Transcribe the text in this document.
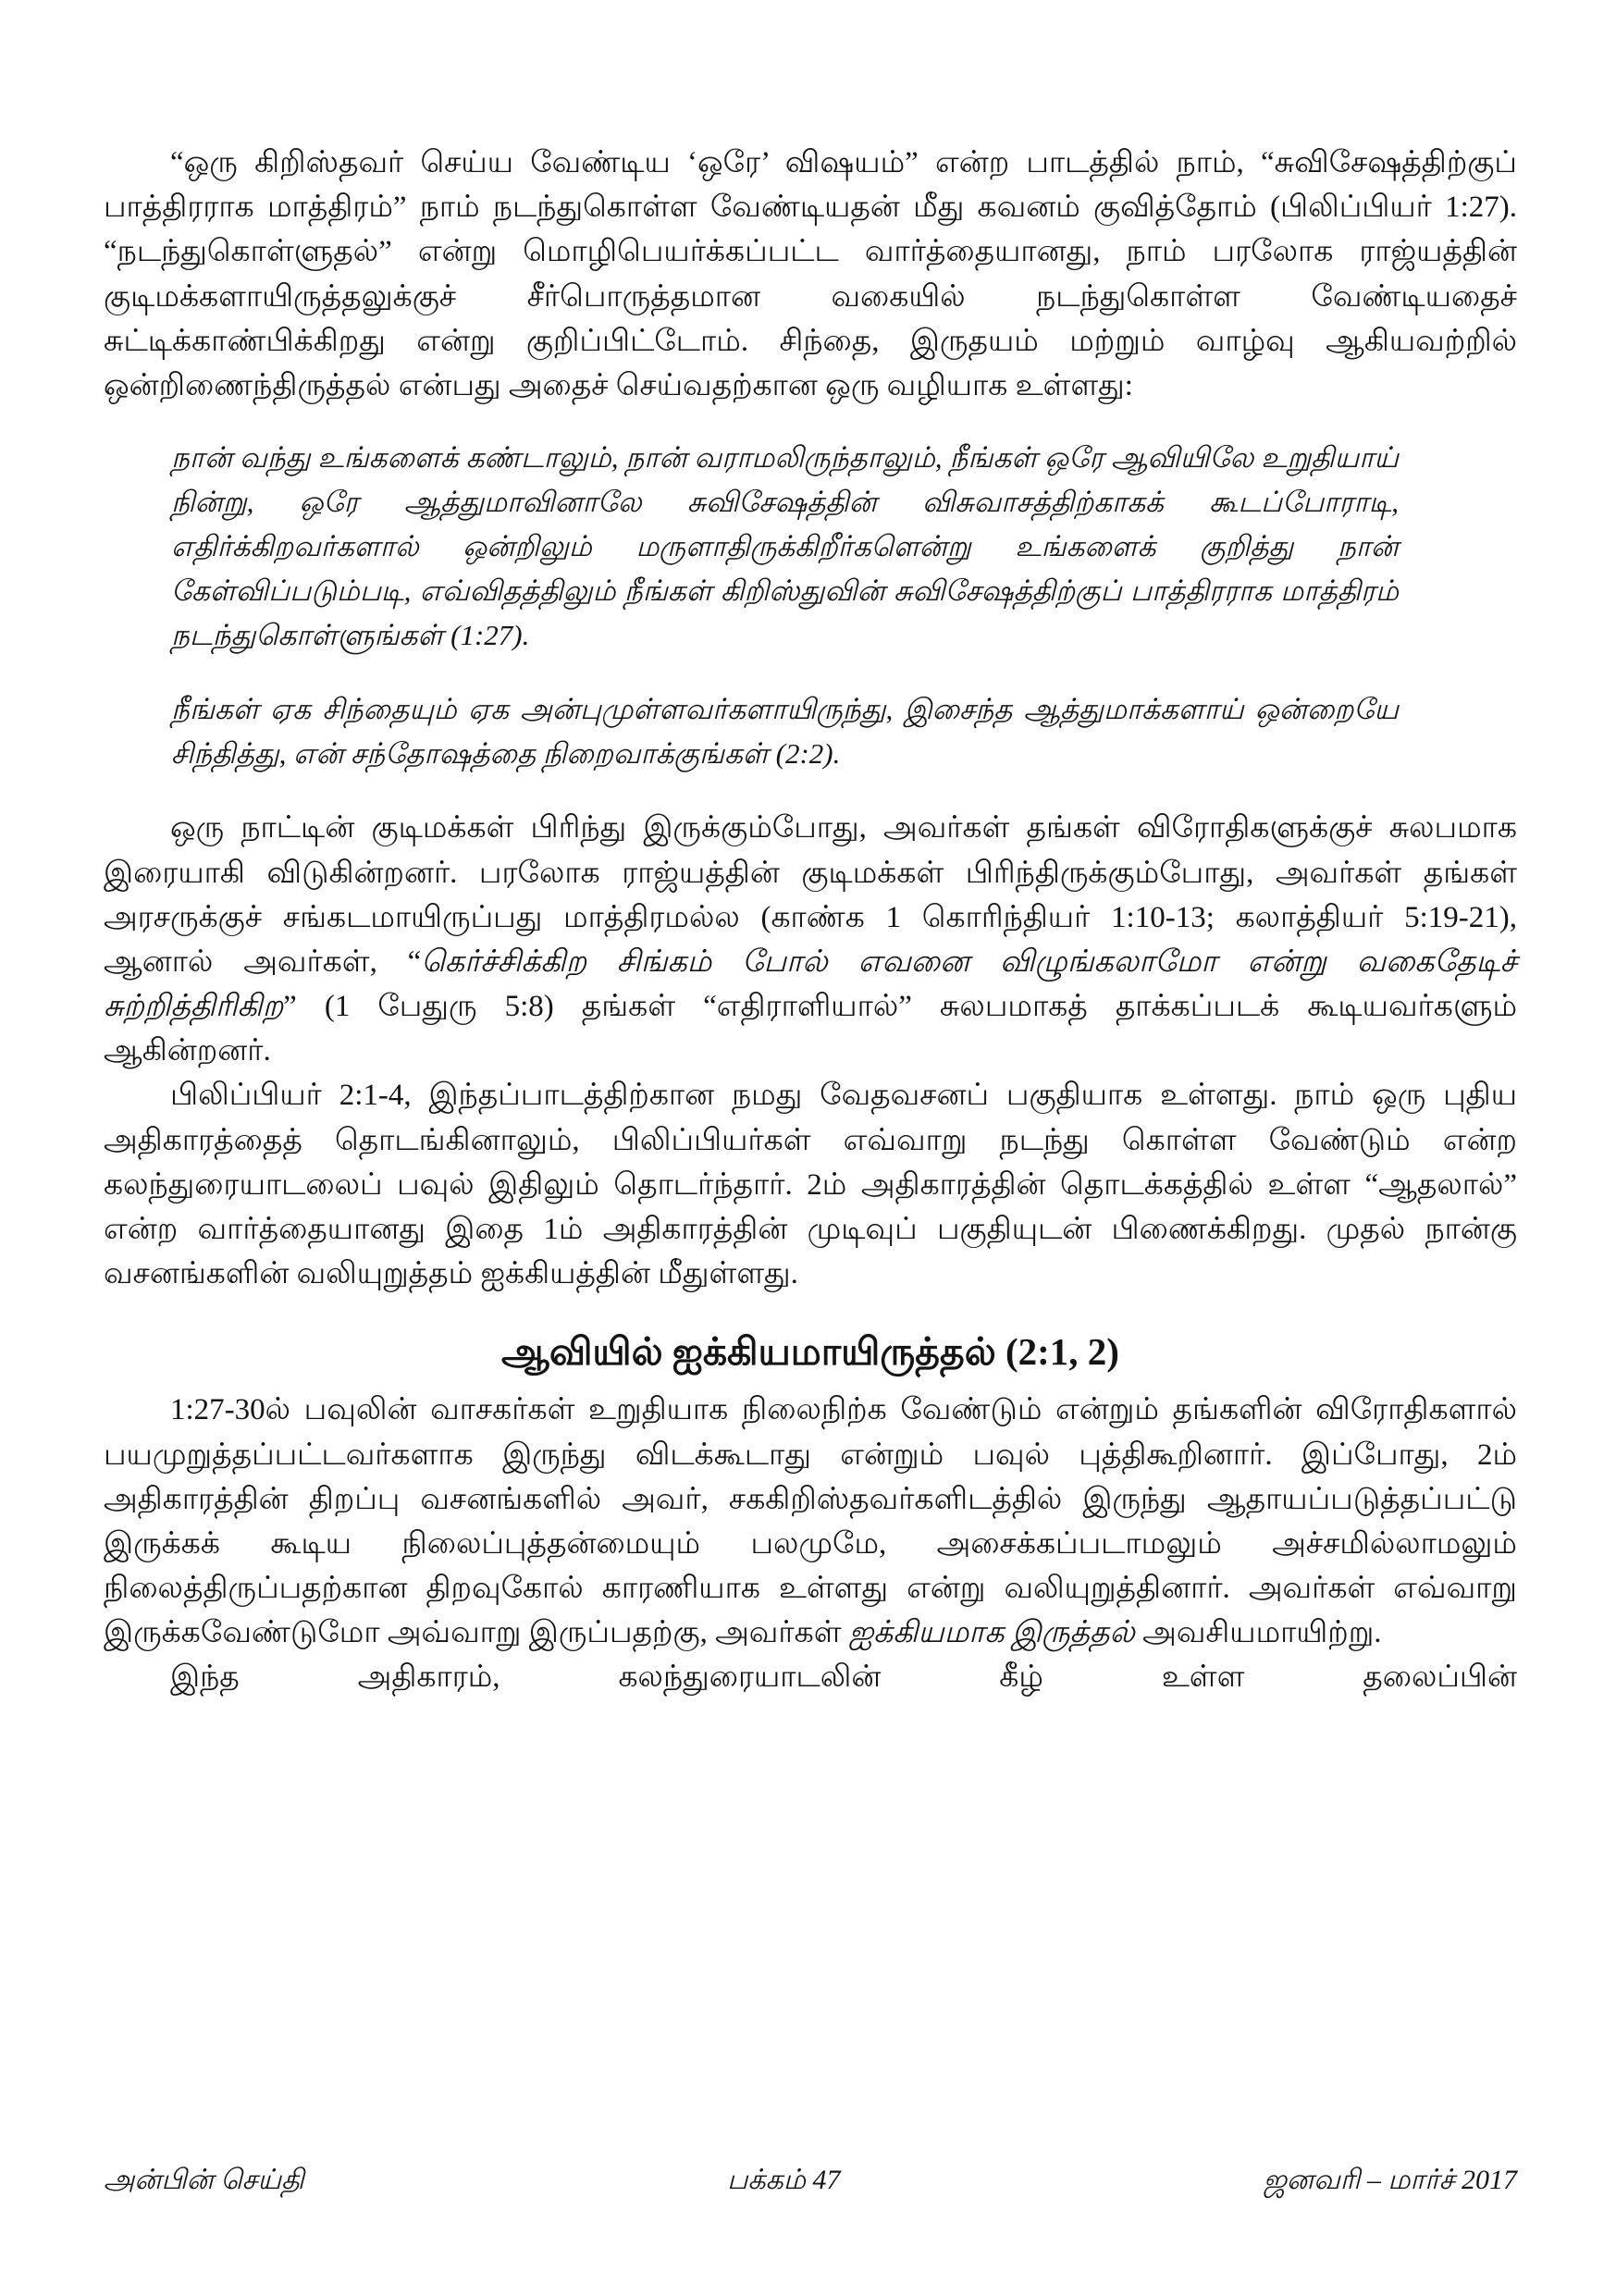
“ஒரு கிறிஸ்தவர் செய்ய வேண்டிய ‘ஒரே’ விஷயம்” என்ற பாடத்தில் நாம், “சுவிசேஷத்திற்குப் பாத்திரராக மாத்திரம்” நாம் நடந்துகொள்ள வேண்டியதன் மீது கவனம் குவித்தோம் (பிலிப்பியர் 1:27). “நடந்துகொள்ளுதல்” என்று மொழிபெயர்க்கப்பட்ட வார்த்தையானது, நாம் பரலோக ராஜ்யத்தின் குடிமக்களாயிருத்தலுக்குச் சீர்பொருத்தமான வகையில் நடந்துகொள்ள வேண்டியதைச் சுட்டிக்காண்பிக்கிறது என்று குறிப்பிட்டோம். சிந்தை, இருதயம் மற்றும் வாழ்வு ஆகியவற்றில் ஒன்றிணைந்திருத்தல் என்பது அதைச் செய்வதற்கான ஒரு வழியாக உள்ளது:

நான் வந்து உங்களைக் கண்டாலும், நான் வராமலிருந்தாலும், நீங்கள் ஒரே ஆவியிலே உறுதியாய் நின்று, ஒரே ஆத்துமாவினாலே சுவிசேஷத்தின் விசுவாசத்திற்காகக் கூடப்போராடி, எதிர்க்கிறவர்களால் ஒன்றிலும் மருளாதிருக்கிறீர்களென்று உங்களைக் குறித்து நான் கேள்விப்படும்படி, எவ்விதத்திலும் நீங்கள் கிறிஸ்துவின் சுவிசேஷத்திற்குப் பாத்திரராக மாத்திரம் நடந்துகொள்ளுங்கள் (1:27).

நீங்கள் ஏக சிந்தையும் ஏக அன்புமுள்ளவர்களாயிருந்து, இசைந்த ஆத்துமாக்களாய் ஒன்றையே சிந்தித்து, என் சந்தோஷத்தை நிறைவாக்குங்கள் (2:2).

ஒரு நாட்டின் குடிமக்கள் பிரிந்து இருக்கும்போது, அவர்கள் தங்கள் விரோதிகளுக்குச் சுலபமாக இரையாகி விடுகின்றனர். பரலோக ராஜ்யத்தின் குடிமக்கள் பிரிந்திருக்கும்போது, அவர்கள் தங்கள் அரசருக்குச் சங்கடமாயிருப்பது மாத்திரமல்ல (காண்க 1 கொரிந்தியர் 1:10-13; கலாத்தியர் 5:19-21), ஆனால் அவர்கள், “கெர்ச்சிக்கிற சிங்கம் போல் எவனை விழுங்கலாமோ என்று வகைதேடிச் சுற்றித்திரிகிற” (1 பேதுரு 5:8) தங்கள் “எதிராளியால்” சுலபமாகத் தாக்கப்படக் கூடியவர்களும் ஆகின்றனர்.

பிலிப்பியர் 2:1-4, இந்தப்பாடத்திற்கான நமது வேதவசனப் பகுதியாக உள்ளது. நாம் ஒரு புதிய அதிகாரத்தைத் தொடங்கினாலும், பிலிப்பியர்கள் எவ்வாறு நடந்து கொள்ள வேண்டும் என்ற கலந்துரையாடலைப் பவுல் இதிலும் தொடர்ந்தார். 2ம் அதிகாரத்தின் தொடக்கத்தில் உள்ள “ஆதலால்” என்ற வார்த்தையானது இதை 1ம் அதிகாரத்தின் முடிவுப் பகுதியுடன் பிணைக்கிறது. முதல் நான்கு வசனங்களின் வலியுறுத்தம் ஐக்கியத்தின் மீதுள்ளது.

ஆவியில் ஐக்கியமாயிருத்தல் (2:1, 2)

1:27-30ல் பவுலின் வாசகர்கள் உறுதியாக நிலைநிற்க வேண்டும் என்றும் தங்களின் விரோதிகளால் பயமுறுத்தப்பட்டவர்களாக இருந்து விடக்கூடாது என்றும் பவுல் புத்திகூறினார். இப்போது, 2ம் அதிகாரத்தின் திறப்பு வசனங்களில் அவர், சககிறிஸ்தவர்களிடத்தில் இருந்து ஆதாயப்படுத்தப்பட்டு இருக்கக் கூடிய நிலைப்புத்தன்மையும் பலமுமே, அசைக்கப்படாமலும் அச்சமில்லாமலும் நிலைத்திருப்பதற்கான திறவுகோல் காரணியாக உள்ளது என்று வலியுறுத்தினார். அவர்கள் எவ்வாறு இருக்கவேண்டுமோ அவ்வாறு இருப்பதற்கு, அவர்கள் ஐக்கியமாக இருத்தல் அவசியமாயிற்று.

இந்த அதிகாரம், கலந்துரையாடலின் கீழ் உள்ள தலைப்பின்

அன்பின் செய்தி	பக்கம் 47	ஜனவரி – மார்ச் 2017
